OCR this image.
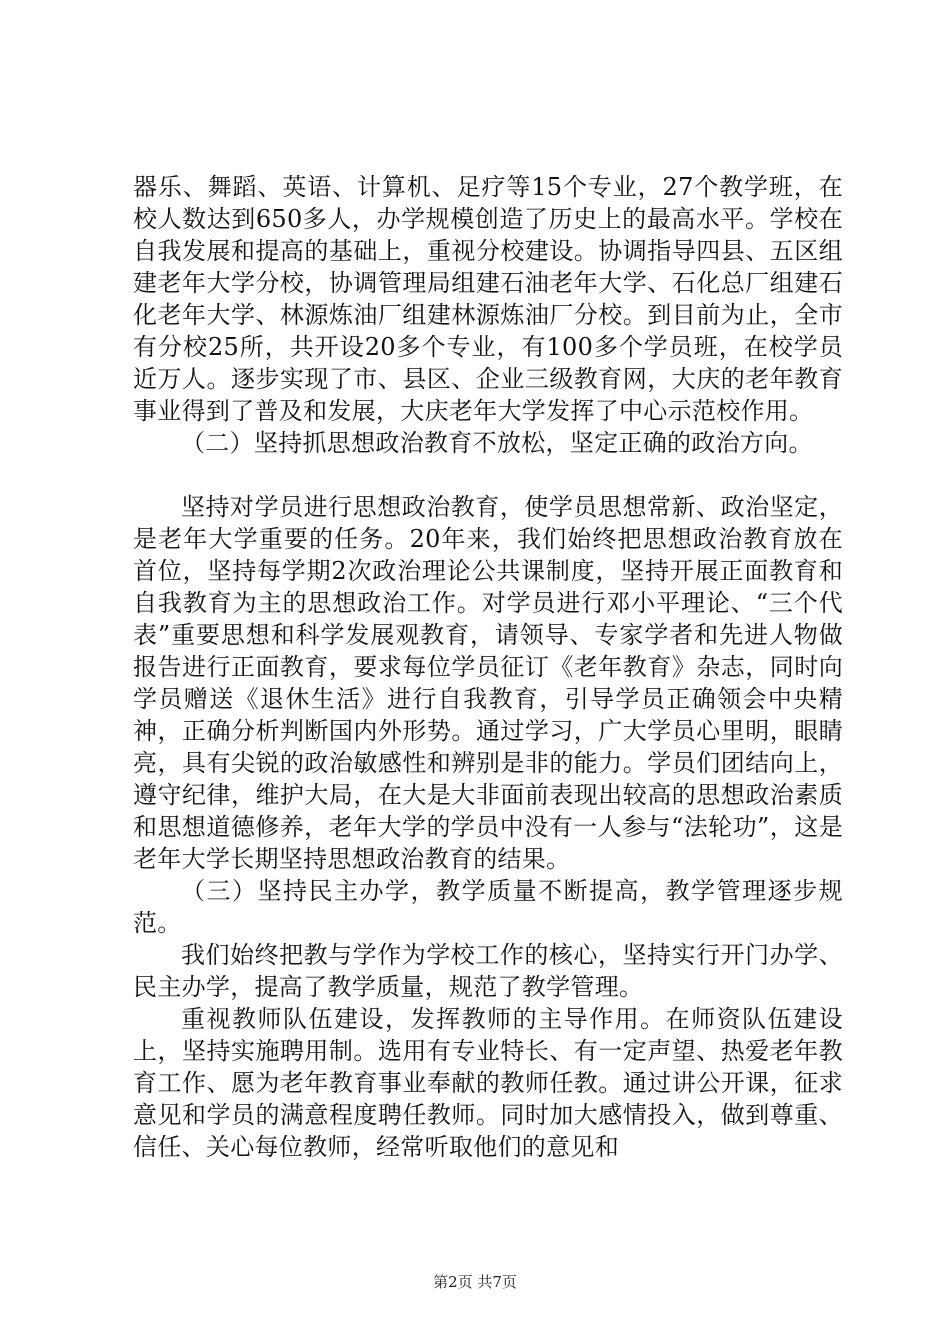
器乐、舞蹈、英语、计算机、足疗等15个专业，27个教学班，在校人数达到650多人，办学规模创造了历史上的最高水平。学校在自我发展和提高的基础上，重视分校建设。协调指导四县、五区组建老年大学分校，协调管理局组建石油老年大学、石化总厂组建石化老年大学、林源炼油厂组建林源炼油厂分校。到目前为止，全市有分校25所，共开设20多个专业，有100多个学员班，在校学员近万人。逐步实现了市、县区、企业三级教育网，大庆的老年教育事业得到了普及和发展，大庆老年大学发挥了中心示范校作用。

（二）坚持抓思想政治教育不放松，坚定正确的政治方向。

坚持对学员进行思想政治教育，使学员思想常新、政治坚定，是老年大学重要的任务。20年来，我们始终把思想政治教育放在首位，坚持每学期2次政治理论公共课制度，坚持开展正面教育和自我教育为主的思想政治工作。对学员进行邓小平理论、“三个代表”重要思想和科学发展观教育，请领导、专家学者和先进人物做报告进行正面教育，要求每位学员征订《老年教育》杂志，同时向学员赠送《退休生活》进行自我教育，引导学员正确领会中央精神，正确分析判断国内外形势。通过学习，广大学员心里明，眼睛亮，具有尖锐的政治敏感性和辨别是非的能力。学员们团结向上，遵守纪律，维护大局，在大是大非面前表现出较高的思想政治素质和思想道德修养，老年大学的学员中没有一人参与“法轮功”，这是老年大学长期坚持思想政治教育的结果。

（三）坚持民主办学，教学质量不断提高，教学管理逐步规范。

我们始终把教与学作为学校工作的核心，坚持实行开门办学、民主办学，提高了教学质量，规范了教学管理。

重视教师队伍建设，发挥教师的主导作用。在师资队伍建设上，坚持实施聘用制。选用有专业特长、有一定声望、热爱老年教育工作、愿为老年教育事业奉献的教师任教。通过讲公开课，征求意见和学员的满意程度聘任教师。同时加大感情投入，做到尊重、信任、关心每位教师，经常听取他们的意见和

第2页 共7页
